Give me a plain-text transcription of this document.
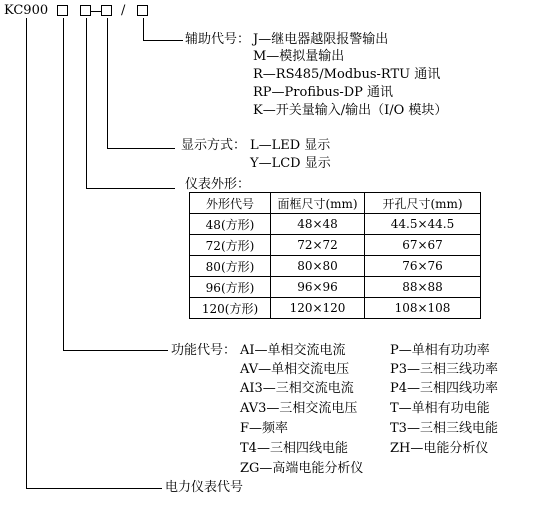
KC900	/
辅助代号： J—继电器越限报警输出
M—模拟量输出
R—RS485/Modbus-RTU 通讯
RP—Profibus-DP 通讯
K—开关量输入/输出（I/O 模块）
显示方式： L—LED 显示
Y—LCD 显示
仪表外形：
外形代号	面框尺寸(mm)	开孔尺寸(mm)
48(方形)	48×48	44.5×44.5
72(方形)	72×72	67×67
80(方形)	80×80	76×76
96(方形)	96×96	88×88
120(方形)	120×120	108×108
功能代号： AI—单相交流电流
AV—单相交流电压
AI3—三相交流电流
AV3—三相交流电压
F—频率
T4—三相四线电能
ZG—高端电能分析仪
P—单相有功功率
P3—三相三线功率
P4—三相四线功率
T—单相有功电能
T3—三相三线电能
ZH—电能分析仪
电力仪表代号
